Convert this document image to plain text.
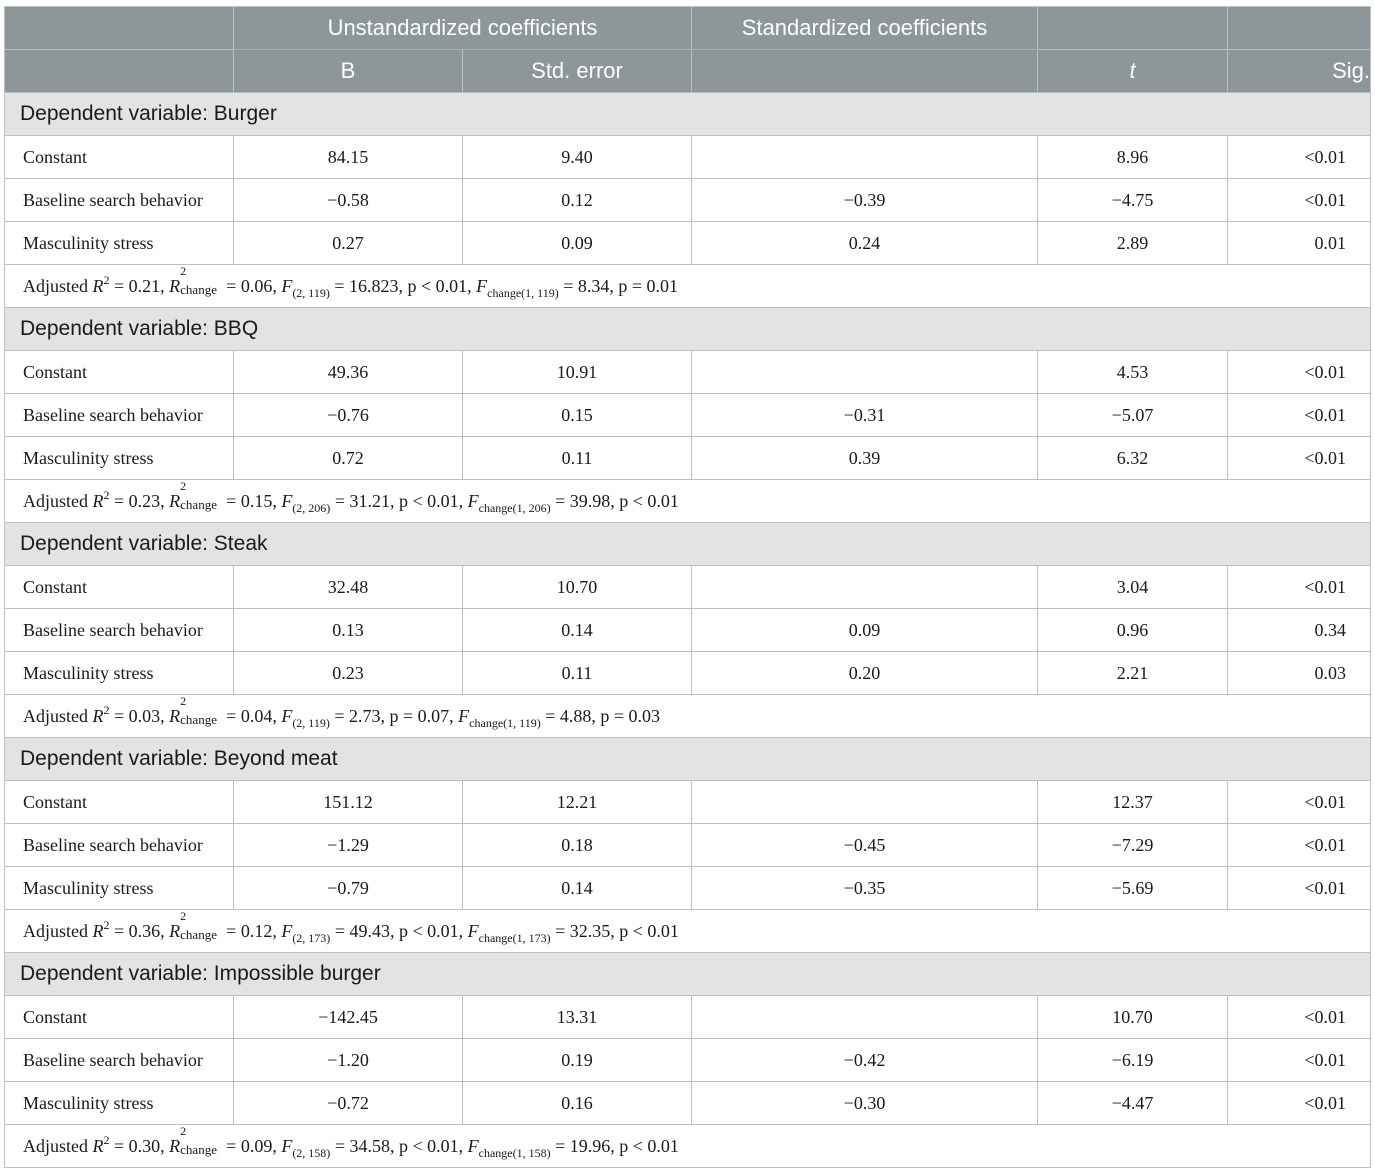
	Unstandardized coefficients		Standardized coefficients		
	B	Std. error		t	Sig.
Dependent variable: Burger					
Constant	84.15	9.40		8.96	<0.01
Baseline search behavior	−0.58	0.12	−0.39	−4.75	<0.01
Masculinity stress	0.27	0.09	0.24	2.89	0.01
Adjusted $R^2 = 0.21$, R
2
change = 0.06, $F_{(2, 119)} = 16.823$, p < 0.01, $F_{change(1, 119)} = 8.34$, p = 0.01					
Dependent variable: BBQ					
Constant	49.36	10.91		4.53	<0.01
Baseline search behavior	−0.76	0.15	−0.31	−5.07	<0.01
Masculinity stress	0.72	0.11	0.39	6.32	<0.01
Adjusted $R^2 = 0.23$, R
2
change = 0.15, $F_{(2, 206)} = 31.21$, p < 0.01, $F_{change(1, 206)} = 39.98$, p < 0.01					
Dependent variable: Steak					
Constant	32.48	10.70		3.04	<0.01
Baseline search behavior	0.13	0.14	0.09	0.96	0.34
Masculinity stress	0.23	0.11	0.20	2.21	0.03
Adjusted $R^2 = 0.03$, R
2
change = 0.04, $F_{(2, 119)} = 2.73$, p = 0.07, $F_{change(1, 119)} = 4.88$, p = 0.03					
Dependent variable: Beyond meat					
Constant	151.12	12.21		12.37	<0.01
Baseline search behavior	−1.29	0.18	−0.45	−7.29	<0.01
Masculinity stress	−0.79	0.14	−0.35	−5.69	<0.01
Adjusted $R^2 = 0.36$, R
2
change = 0.12, $F_{(2, 173)} = 49.43$, p < 0.01, $F_{change(1, 173)} = 32.35$, p < 0.01					
Dependent variable: Impossible burger					
Constant	−142.45	13.31		10.70	<0.01
Baseline search behavior	−1.20	0.19	−0.42	−6.19	<0.01
Masculinity stress	−0.72	0.16	−0.30	−4.47	<0.01
Adjusted $R^2 = 0.30$, R
2
change = 0.09, $F_{(2, 158)} = 34.58$, p < 0.01, $F_{change(1, 158)} = 19.96$, p < 0.01					
